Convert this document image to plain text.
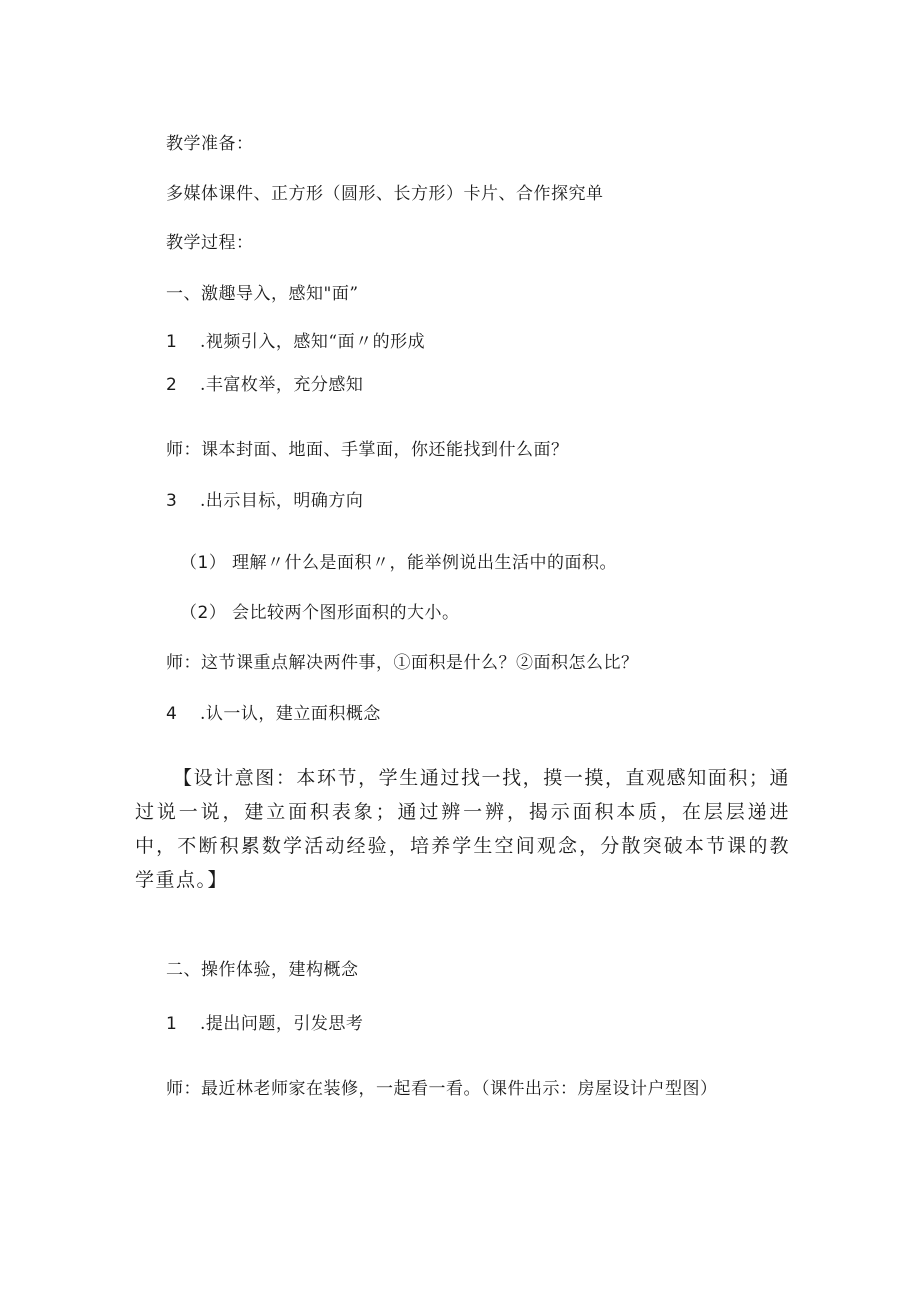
教学准备：
多媒体课件、正方形（圆形、长方形）卡片、合作探究单
教学过程：
一、激趣导入，感知"面”
1 .视频引入，感知“面〃的形成
2 .丰富枚举，充分感知
师：课本封面、地面、手掌面，你还能找到什么面？
3 .出示目标，明确方向
（1） 理解〃什么是面积〃，能举例说出生活中的面积。
（2） 会比较两个图形面积的大小。
师：这节课重点解决两件事，①面积是什么？②面积怎么比？
4 .认一认，建立面积概念
【设计意图：本环节，学生通过找一找，摸一摸，直观感知面积；通过说一说，建立面积表象；通过辨一辨，揭示面积本质，在层层递进中，不断积累数学活动经验，培养学生空间观念，分散突破本节课的教学重点。】
二、操作体验，建构概念
1 .提出问题，引发思考
师：最近林老师家在装修，一起看一看。（课件出示：房屋设计户型图）
